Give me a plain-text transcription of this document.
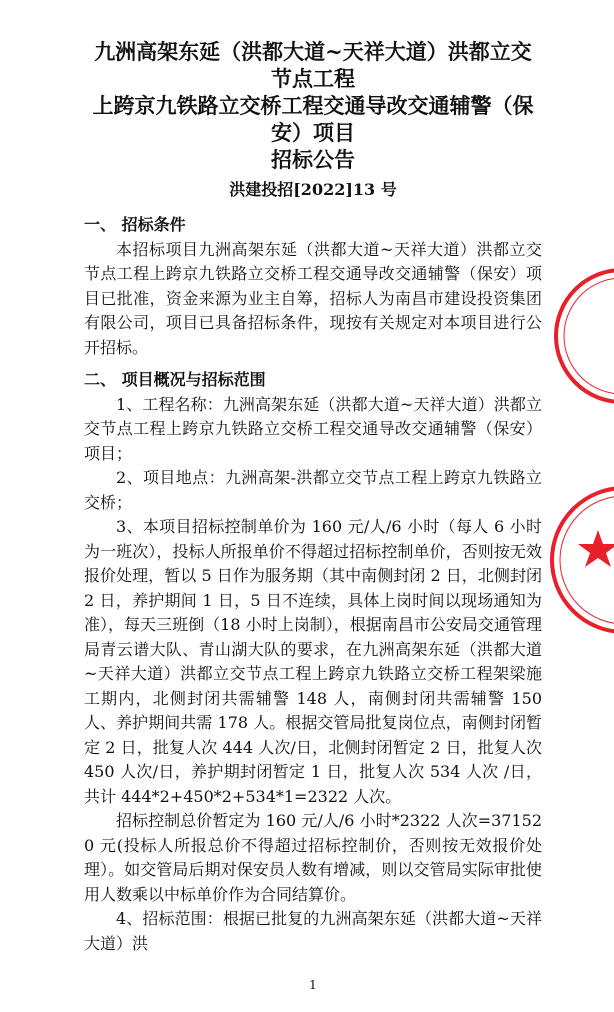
九洲高架东延（洪都大道~天祥大道）洪都立交节点工程
上跨京九铁路立交桥工程交通导改交通辅警（保安）项目
招标公告
洪建投招[2022]13 号
一、 招标条件
本招标项目九洲高架东延（洪都大道~天祥大道）洪都立交节点工程上跨京九铁路立交桥工程交通导改交通辅警（保安）项目已批准，资金来源为业主自筹，招标人为南昌市建设投资集团有限公司，项目已具备招标条件，现按有关规定对本项目进行公开招标。
二、 项目概况与招标范围
1、工程名称：九洲高架东延（洪都大道~天祥大道）洪都立交节点工程上跨京九铁路立交桥工程交通导改交通辅警（保安）项目；
2、项目地点：九洲高架-洪都立交节点工程上跨京九铁路立交桥；
3、本项目招标控制单价为 160 元/人/6 小时（每人 6 小时为一班次），投标人所报单价不得超过招标控制单价，否则按无效报价处理，暂以 5 日作为服务期（其中南侧封闭 2 日，北侧封闭 2 日，养护期间 1 日，5 日不连续，具体上岗时间以现场通知为准），每天三班倒（18 小时上岗制），根据南昌市公安局交通管理局青云谱大队、青山湖大队的要求，在九洲高架东延（洪都大道~天祥大道）洪都立交节点工程上跨京九铁路立交桥工程架梁施工期内，北侧封闭共需辅警 148 人，南侧封闭共需辅警 150 人、养护期间共需 178 人。根据交管局批复岗位点，南侧封闭暂定 2 日，批复人次 444 人次/日，北侧封闭暂定 2 日，批复人次 450 人次/日，养护期封闭暂定 1 日，批复人次 534 人次 /日，共计 444*2+450*2+534*1=2322 人次。
招标控制总价暂定为 160 元/人/6 小时*2322 人次=371520 元(投标人所报总价不得超过招标控制价，否则按无效报价处理）。如交管局后期对保安员人数有增减，则以交管局实际审批使用人数乘以中标单价作为合同结算价。
4、招标范围：根据已批复的九洲高架东延（洪都大道~天祥大道）洪
1
